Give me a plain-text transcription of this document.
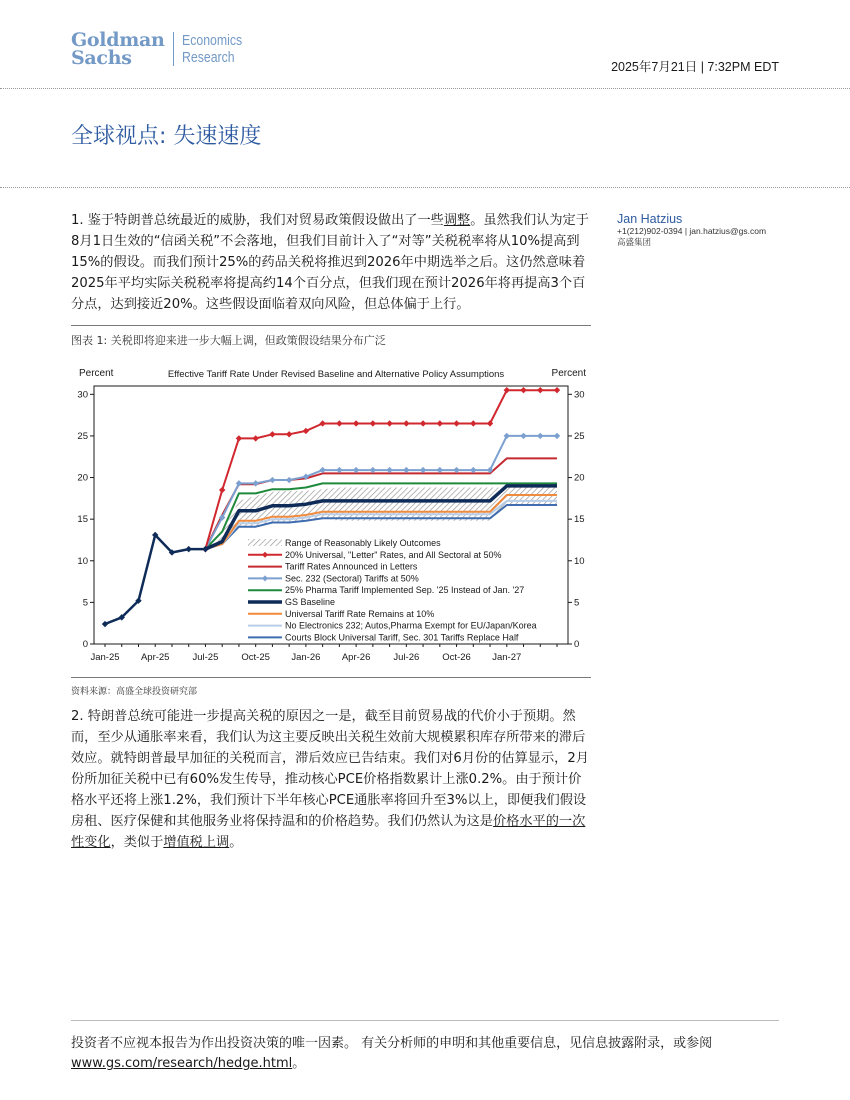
Goldman
Sachs
Economics
Research
2025年7月21日 | 7:32PM EDT
全球视点: 失速速度
1. 鉴于特朗普总统最近的威胁，我们对贸易政策假设做出了一些调整。虽然我们认为定于8月1日生效的“信函关税”不会落地，但我们目前计入了“对等”关税税率将从10%提高到15%的假设。而我们预计25%的药品关税将推迟到2026年中期选举之后。这仍然意味着2025年平均实际关税税率将提高约14个百分点，但我们现在预计2026年将再提高3个百分点，达到接近20%。这些假设面临着双向风险，但总体偏于上行。
Jan Hatzius
+1(212)902-0394 | jan.hatzius@gs.com
高盛集团
图表 1: 关税即将迎来进一步大幅上调，但政策假设结果分布广泛
Percent	Percent
Effective Tariff Rate Under Revised Baseline and Alternative Policy Assumptions
0	0
5	5
10	10
15	15
20	20
25	25
30	30
Jan-25 Apr-25 Jul-25 Oct-25 Jan-26 Apr-26 Jul-26 Oct-26 Jan-27
Range of Reasonably Likely Outcomes
20% Universal, "Letter" Rates, and All Sectoral at 50%
Tariff Rates Announced in Letters
Sec. 232 (Sectoral) Tariffs at 50%
25% Pharma Tariff Implemented Sep. '25 Instead of Jan. '27
GS Baseline
Universal Tariff Rate Remains at 10%
No Electronics 232; Autos,Pharma Exempt for EU/Japan/Korea
Courts Block Universal Tariff, Sec. 301 Tariffs Replace Half
资料来源：高盛全球投资研究部
2. 特朗普总统可能进一步提高关税的原因之一是，截至目前贸易战的代价小于预期。然而，至少从通胀率来看，我们认为这主要反映出关税生效前大规模累积库存所带来的滞后效应。就特朗普最早加征的关税而言，滞后效应已告结束。我们对6月份的估算显示，2月份所加征关税中已有60%发生传导，推动核心PCE价格指数累计上涨0.2%。由于预计价格水平还将上涨1.2%，我们预计下半年核心PCE通胀率将回升至3%以上，即便我们假设房租、医疗保健和其他服务业将保持温和的价格趋势。我们仍然认为这是价格水平的一次性变化，类似于增值税上调。
投资者不应视本报告为作出投资决策的唯一因素。 有关分析师的申明和其他重要信息，见信息披露附录，或参阅www.gs.com/research/hedge.html。
